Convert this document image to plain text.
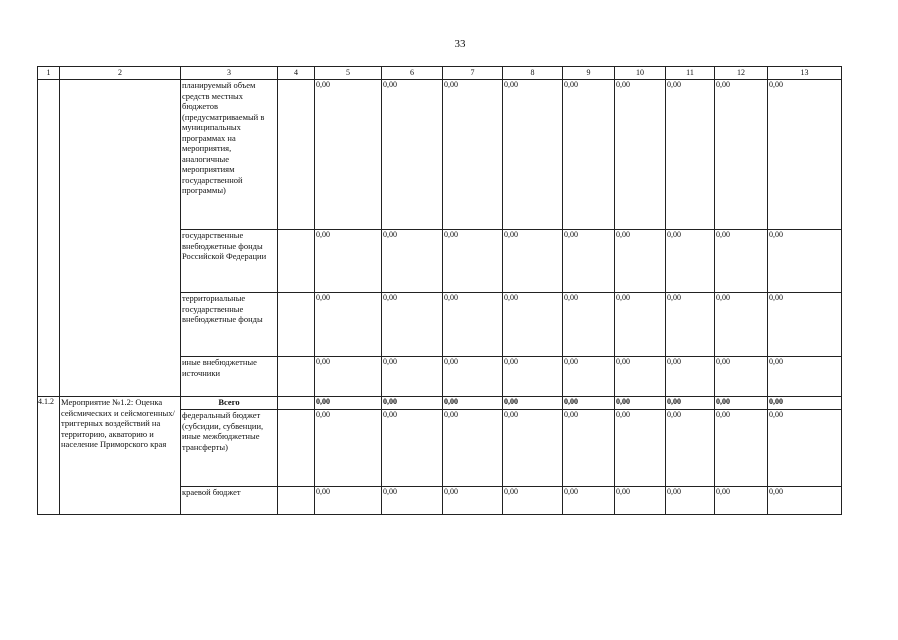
33
1	2	3	4	5	6	7	8	9	10	11	12	13
		планируемый объем средств местных бюджетов (предусматриваемый в муниципальных программах на мероприятия, аналогичные мероприятиям государственной программы)		0,00	0,00	0,00	0,00	0,00	0,00	0,00	0,00	0,00
		государственные внебюджетные фонды Российской Федерации		0,00	0,00	0,00	0,00	0,00	0,00	0,00	0,00	0,00
		территориальные государственные внебюджетные фонды		0,00	0,00	0,00	0,00	0,00	0,00	0,00	0,00	0,00
		иные внебюджетные источники		0,00	0,00	0,00	0,00	0,00	0,00	0,00	0,00	0,00
4.1.2	Мероприятие №1.2: Оценка сейсмических и сейсмогенных/триггерных воздействий на территорию, акваторию и население Приморского края	Всего		0,00	0,00	0,00	0,00	0,00	0,00	0,00	0,00	0,00
		федеральный бюджет (субсидии, субвенции, иные межбюджетные трансферты)		0,00	0,00	0,00	0,00	0,00	0,00	0,00	0,00	0,00
		краевой бюджет		0,00	0,00	0,00	0,00	0,00	0,00	0,00	0,00	0,00
